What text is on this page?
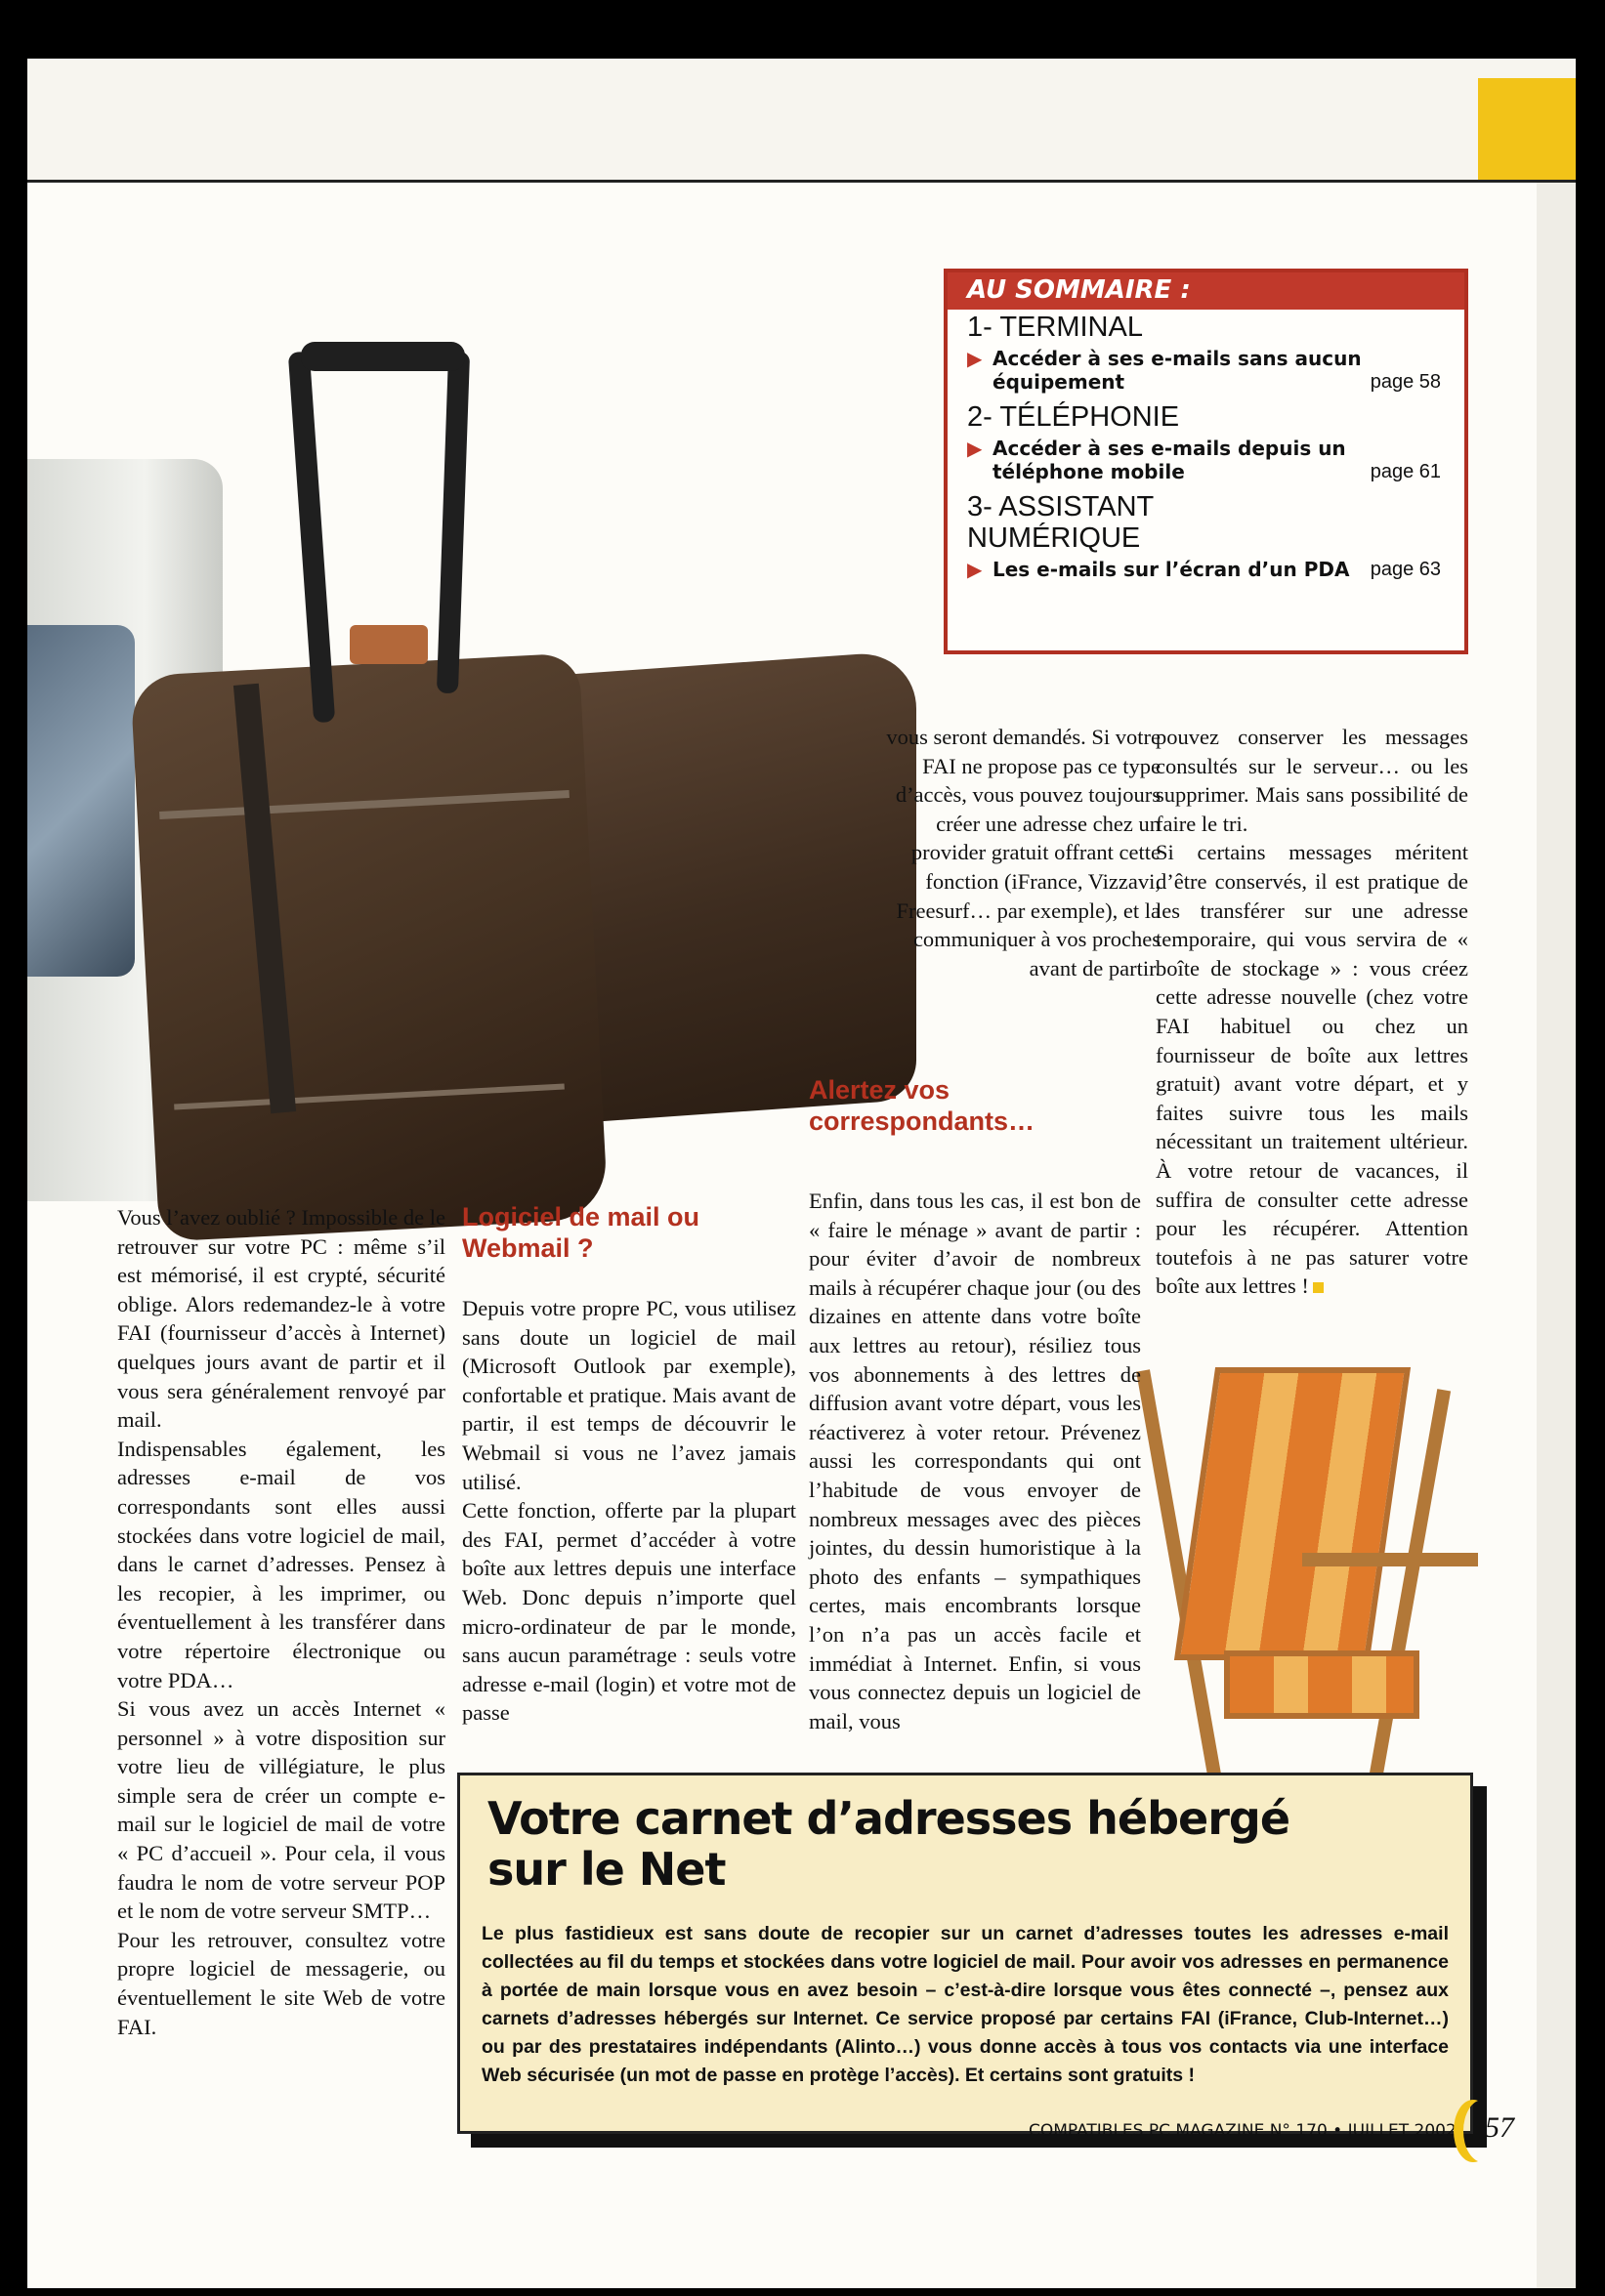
AU SOMMAIRE :
1- TERMINAL
▶ Accéder à ses e-mails sans aucun équipement	page 58
2- TÉLÉPHONIE
▶ Accéder à ses e-mails depuis un téléphone mobile	page 61
3- ASSISTANT NUMÉRIQUE
▶ Les e-mails sur l’écran d’un PDA page 63

Vous l’avez oublié ? Impossible de le retrouver sur votre PC : même s’il est mémorisé, il est crypté, sécurité oblige. Alors redemandez-le à votre FAI (fournisseur d’accès à Internet) quelques jours avant de partir et il vous sera généralement renvoyé par mail.

Indispensables également, les adresses e-mail de vos correspondants sont elles aussi stockées dans votre logiciel de mail, dans le carnet d’adresses. Pensez à les recopier, à les imprimer, ou éventuellement à les transférer dans votre répertoire électronique ou votre PDA…

Si vous avez un accès Internet « personnel » à votre disposition sur votre lieu de villégiature, le plus simple sera de créer un compte e-mail sur le logiciel de mail de votre « PC d’accueil ». Pour cela, il vous faudra le nom de votre serveur POP et le nom de votre serveur SMTP…

Pour les retrouver, consultez votre propre logiciel de messagerie, ou éventuellement le site Web de votre FAI.

Logiciel de mail ou Webmail ?

Depuis votre propre PC, vous utilisez sans doute un logiciel de mail (Microsoft Outlook par exemple), confortable et pratique. Mais avant de partir, il est temps de découvrir le Webmail si vous ne l’avez jamais utilisé.

Cette fonction, offerte par la plupart des FAI, permet d’accéder à votre boîte aux lettres depuis une interface Web. Donc depuis n’importe quel micro-ordinateur de par le monde, sans aucun paramétrage : seuls votre adresse e-mail (login) et votre mot de passe

vous seront demandés. Si votre FAI ne propose pas ce type d’accès, vous pouvez toujours créer une adresse chez un provider gratuit offrant cette fonction (iFrance, Vizzavi, Freesurf… par exemple), et la communiquer à vos proches avant de partir.
Alertez vos correspondants…
Enfin, dans tous les cas, il est bon de « faire le ménage » avant de partir : pour éviter d’avoir de nombreux mails à récupérer chaque jour (ou des dizaines en attente dans votre boîte aux lettres au retour), résiliez tous vos abonnements à des lettres de diffusion avant votre départ, vous les réactiverez à voter retour. Prévenez aussi les correspondants qui ont l’habitude de vous envoyer de nombreux messages avec des pièces jointes, du dessin humoristique à la photo des enfants – sympathiques certes, mais encombrants lorsque l’on n’a pas un accès facile et immédiat à Internet. Enfin, si vous vous connectez depuis un logiciel de mail, vous

pouvez conserver les messages consultés sur le serveur… ou les supprimer. Mais sans possibilité de faire le tri.

Si certains messages méritent d’être conservés, il est pratique de les transférer sur une adresse temporaire, qui vous servira de « boîte de stockage » : vous créez cette adresse nouvelle (chez votre FAI habituel ou chez un fournisseur de boîte aux lettres gratuit) avant votre départ, et y faites suivre tous les mails nécessitant un traitement ultérieur. À votre retour de vacances, il suffira de consulter cette adresse pour les récupérer. Attention toutefois à ne pas saturer votre boîte aux lettres !

Votre carnet d’adresses hébergé sur le Net
Le plus fastidieux est sans doute de recopier sur un carnet d’adresses toutes les adresses e-mail collectées au fil du temps et stockées dans votre logiciel de mail. Pour avoir vos adresses en permanence à portée de main lorsque vous en avez besoin – c’est-à-dire lorsque vous êtes connecté –, pensez aux carnets d’adresses hébergés sur Internet. Ce service proposé par certains FAI (iFrance, Club-Internet…) ou par des prestataires indépendants (Alinto…) vous donne accès à tous vos contacts via une interface Web sécurisée (un mot de passe en protège l’accès). Et certains sont gratuits !
COMPATIBLES PC MAGAZINE N° 170 • JUILLET 2002 57
